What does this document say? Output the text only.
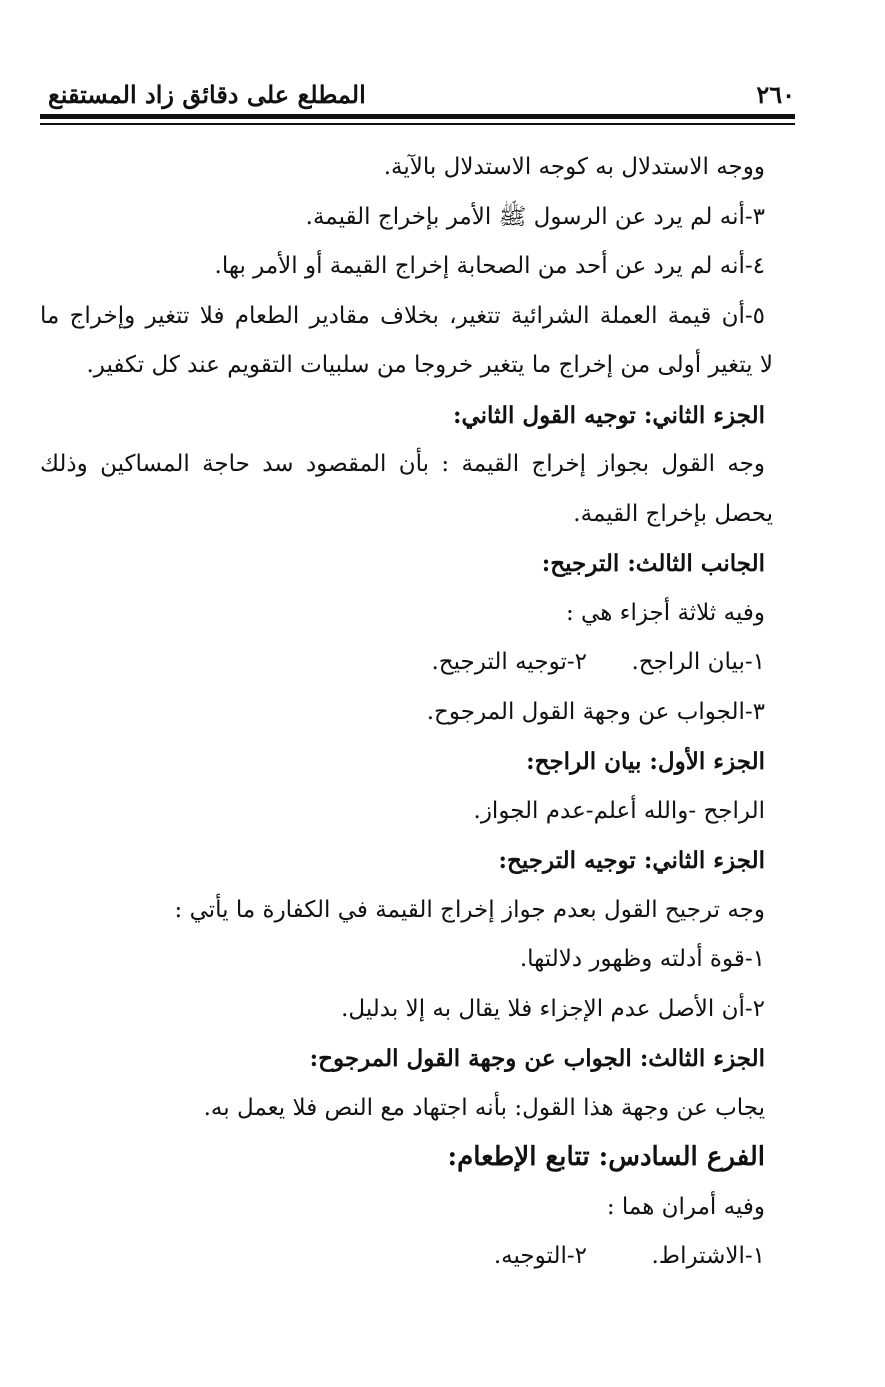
٢٦٠
المطلع على دقائق زاد المستقنع
ووجه الاستدلال به كوجه الاستدلال بالآية.
٣-أنه لم يرد عن الرسول ﷺ الأمر بإخراج القيمة.
٤-أنه لم يرد عن أحد من الصحابة إخراج القيمة أو الأمر بها.
٥-أن قيمة العملة الشرائية تتغير، بخلاف مقادير الطعام فلا تتغير وإخراج ما
لا يتغير أولى من إخراج ما يتغير خروجا من سلبيات التقويم عند كل تكفير.
الجزء الثاني: توجيه القول الثاني:
وجه القول بجواز إخراج القيمة : بأن المقصود سد حاجة المساكين وذلك
يحصل بإخراج القيمة.
الجانب الثالث: الترجيح:
وفيه ثلاثة أجزاء هي :
١-بيان الراجح.
٢-توجيه الترجيح.
٣-الجواب عن وجهة القول المرجوح.
الجزء الأول: بيان الراجح:
الراجح -والله أعلم-عدم الجواز.
الجزء الثاني: توجيه الترجيح:
وجه ترجيح القول بعدم جواز إخراج القيمة في الكفارة ما يأتي :
١-قوة أدلته وظهور دلالتها.
٢-أن الأصل عدم الإجزاء فلا يقال به إلا بدليل.
الجزء الثالث: الجواب عن وجهة القول المرجوح:
يجاب عن وجهة هذا القول: بأنه اجتهاد مع النص فلا يعمل به.
الفرع السادس: تتابع الإطعام:
وفيه أمران هما :
١-الاشتراط.
٢-التوجيه.
